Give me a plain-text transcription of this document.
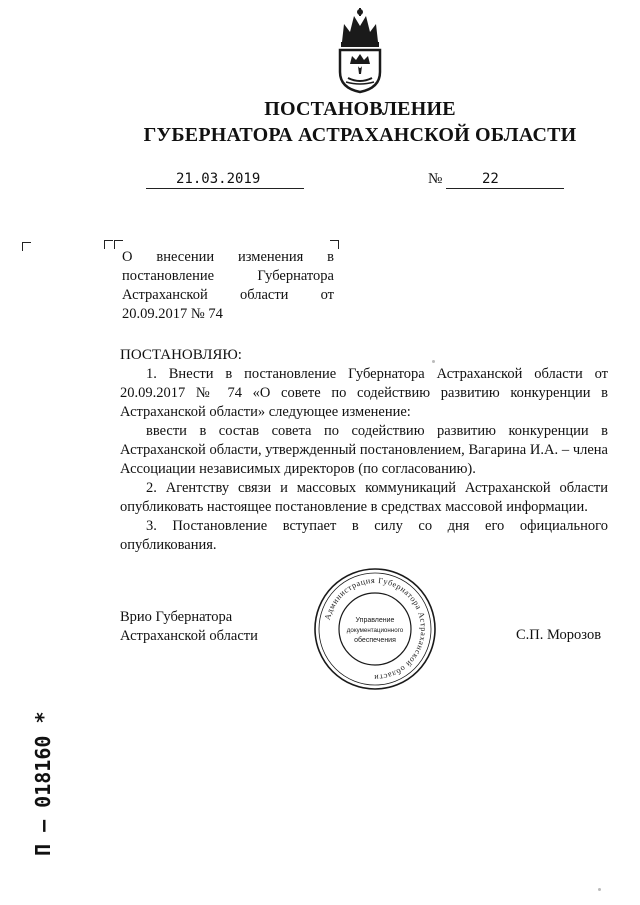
ПОСТАНОВЛЕНИЕ
ГУБЕРНАТОРА АСТРАХАНСКОЙ ОБЛАСТИ
21.03.2019	№	22
О внесении изменения в постановление Губернатора Астраханской области от 20.09.2017 № 74

ПОСТАНОВЛЯЮ:

1. Внести в постановление Губернатора Астраханской области от 20.09.2017 № 74 «О совете по содействию развитию конкуренции в Астраханской области» следующее изменение:

ввести в состав совета по содействию развитию конкуренции в Астраханской области, утвержденный постановлением, Вагарина И.А. – члена Ассоциации независимых директоров (по согласованию).

2. Агентству связи и массовых коммуникаций Астраханской области опубликовать настоящее постановление в средствах массовой информации.

3. Постановление вступает в силу со дня его официального опубликования.

Врио Губернатора
Астраханской области	С.П. Морозов
Администрация Губернатора Астраханской области
Управление
документационного
обеспечения
П – 018160 *
